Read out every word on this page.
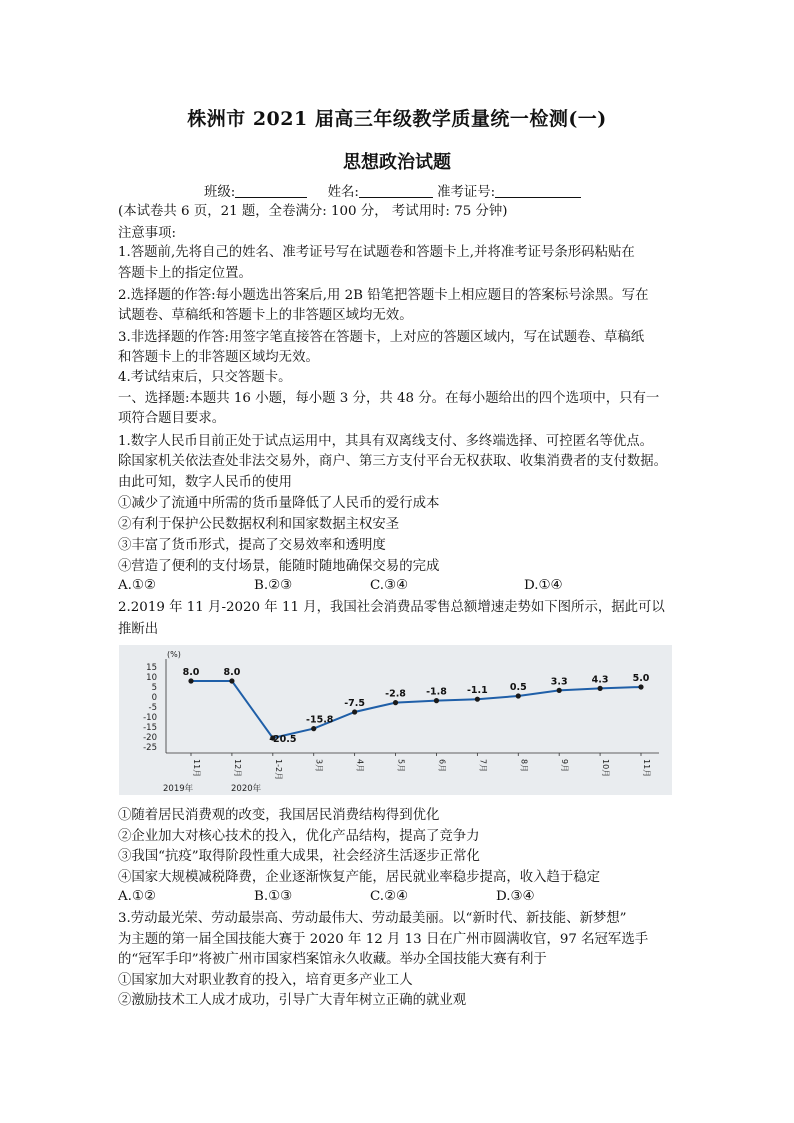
株洲市 2021 届高三年级教学质量统一检测(一)
思想政治试题
班级:	姓名:	准考证号:
(本试卷共 6 页，21 题，全卷满分: 100 分， 考试用时: 75 分钟)
注意事项:
1.答题前,先将自己的姓名、准考证号写在试题卷和答题卡上,并将准考证号条形码粘贴在
答题卡上的指定位置。
2.选择题的作答:每小题选出答案后,用 2B 铅笔把答题卡上相应题目的答案标号涂黑。写在
试题卷、草稿纸和答题卡上的非答题区域均无效。
3.非选择题的作答:用签字笔直接答在答题卡，上对应的答题区域内，写在试题卷、草稿纸
和答题卡上的非答题区域均无效。
4.考试结束后，只交答题卡。
一、选择题:本题共 16 小题，每小题 3 分，共 48 分。在每小题给出的四个选项中，只有一
项符合题目要求。
1.数字人民币目前正处于试点运用中，其具有双离线支付、多终端选择、可控匿名等优点。
除国家机关依法查处非法交易外，商户、第三方支付平台无权获取、收集消费者的支付数据。
由此可知，数字人民币的使用
①减少了流通中所需的货币量降低了人民币的爱行成本
②有利于保护公民数据权利和国家数据主权安圣
③丰富了货币形式，提高了交易效率和透明度
④营造了便利的支付场景，能随时随地确保交易的完成
A.①②	B.②③	C.③④	D.①④
2.2019 年 11 月-2020 年 11 月，我国社会消费品零售总额增速走势如下图所示，据此可以
推断出
(%)
15
10
5
0
-5
-10
-15
-20
-25
8.0
11月
8.0
12月
-20.5
1-2月
-15.8
3月
-7.5
4月
-2.8
5月
-1.8
6月
-1.1
7月
0.5
8月
3.3
9月
4.3
10月
5.0
11月
2019年	2020年
①随着居民消费观的改变，我国居民消费结构得到优化
②企业加大对核心技术的投入，优化产品结构，提高了竞争力
③我国“抗疫”取得阶段性重大成果，社会经济生活逐步正常化
④国家大规模减税降费，企业逐渐恢复产能，居民就业率稳步提高，收入趋于稳定
A.①②	B.①③	C.②④	D.③④
3.劳动最光荣、劳动最崇高、劳动最伟大、劳动最美丽。以“新时代、新技能、新梦想”
为主题的第一届全国技能大赛于 2020 年 12 月 13 日在广州市圆满收官，97 名冠军选手
的“冠军手印”将被广州市国家档案馆永久收藏。举办全国技能大赛有利于
①国家加大对职业教育的投入，培育更多产业工人
②激励技术工人成才成功，引导广大青年树立正确的就业观
